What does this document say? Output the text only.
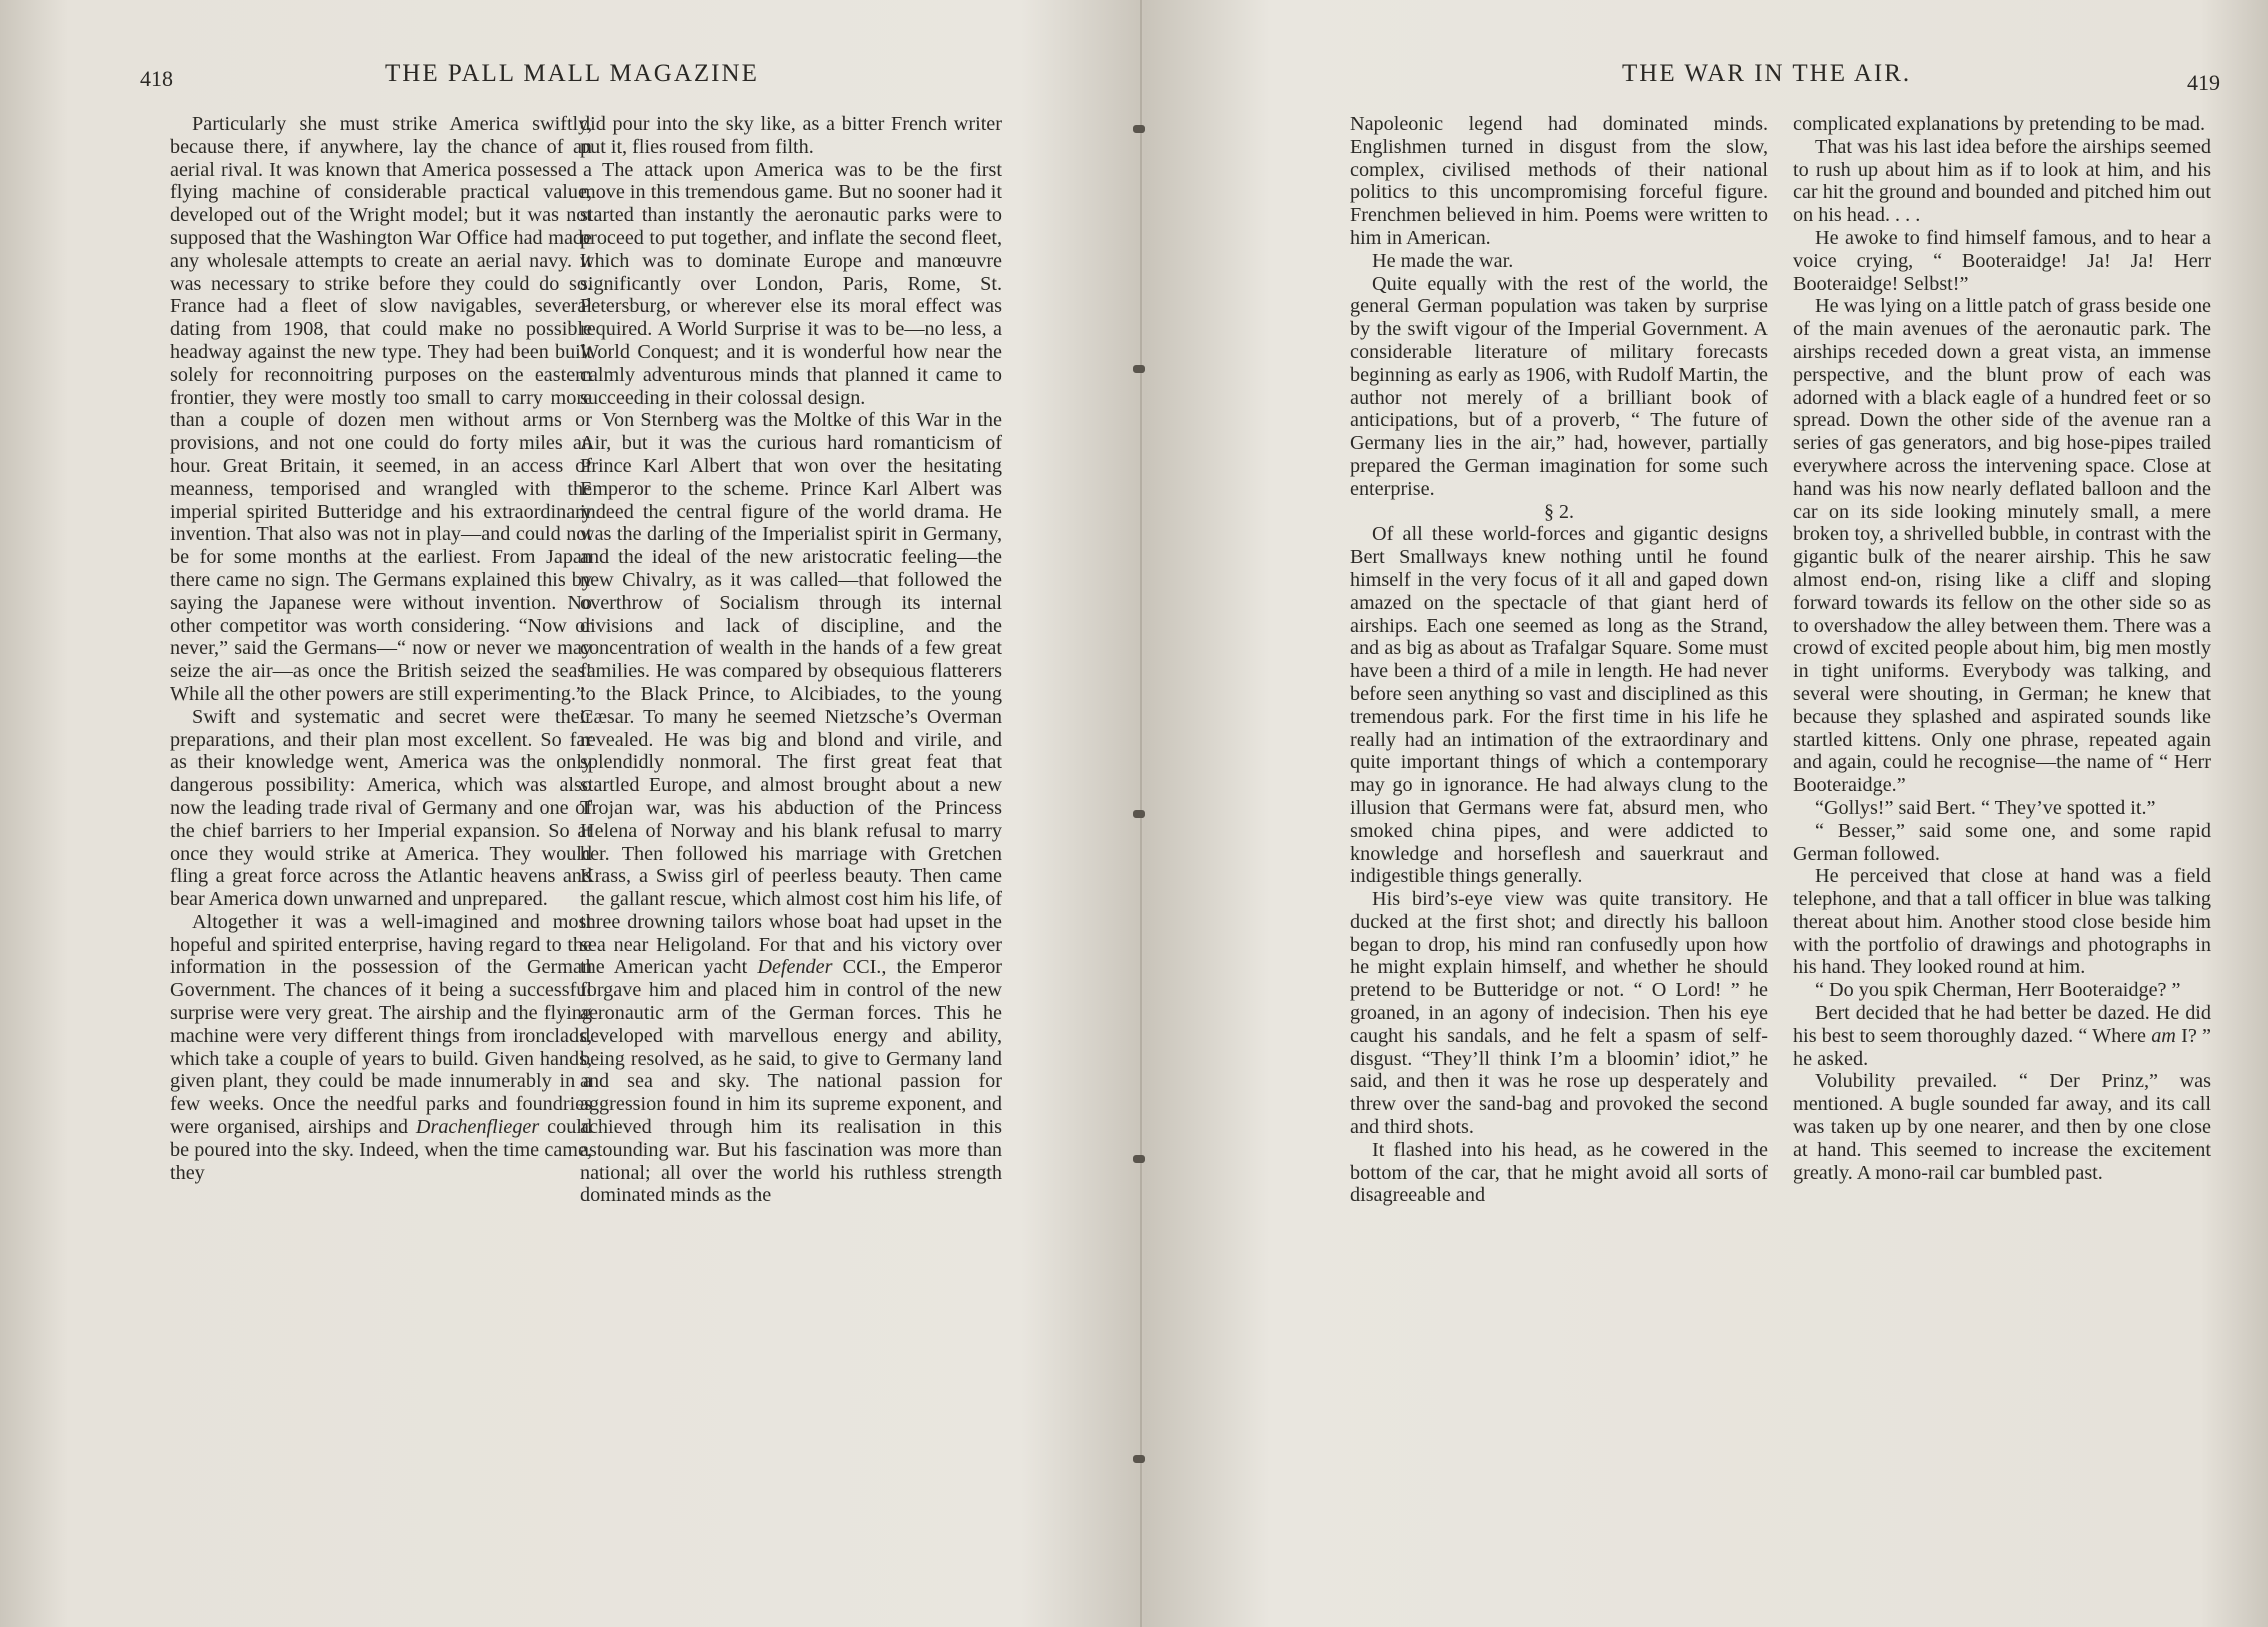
418	THE PALL MALL MAGAZINE

Particularly she must strike America swiftly, because there, if anywhere, lay the chance of an aerial rival. It was known that America possessed a flying machine of considerable practical value, developed out of the Wright model; but it was not supposed that the Washington War Office had made any wholesale attempts to create an aerial navy. It was necessary to strike before they could do so. France had a fleet of slow navigables, several dating from 1908, that could make no possible headway against the new type. They had been built solely for reconnoitring purposes on the eastern frontier, they were mostly too small to carry more than a couple of dozen men without arms or provisions, and not one could do forty miles an hour. Great Britain, it seemed, in an access of meanness, temporised and wrangled with the imperial spirited Butteridge and his extraordinary invention. That also was not in play—and could not be for some months at the earliest. From Japan there came no sign. The Germans explained this by saying the Japanese were without invention. No other competitor was worth considering. “Now or never,” said the Germans—“ now or never we may seize the air—as once the British seized the seas! While all the other powers are still experimenting.”

Swift and systematic and secret were their preparations, and their plan most excellent. So far as their knowledge went, America was the only dangerous possibility: America, which was also now the leading trade rival of Germany and one of the chief barriers to her Imperial expansion. So at once they would strike at America. They would fling a great force across the Atlantic heavens and bear America down unwarned and unprepared.

Altogether it was a well-imagined and most hopeful and spirited enterprise, having regard to the information in the possession of the German Government. The chances of it being a successful surprise were very great. The airship and the flying machine were very different things from ironclads, which take a couple of years to build. Given hands, given plant, they could be made innumerably in a few weeks. Once the needful parks and foundries were organised, airships and Drachenflieger could be poured into the sky. Indeed, when the time came, they

did pour into the sky like, as a bitter French writer put it, flies roused from filth.

The attack upon America was to be the first move in this tremendous game. But no sooner had it started than instantly the aeronautic parks were to proceed to put together, and inflate the second fleet, which was to dominate Europe and manœuvre significantly over London, Paris, Rome, St. Petersburg, or wherever else its moral effect was required. A World Surprise it was to be—no less, a World Conquest; and it is wonderful how near the calmly adventurous minds that planned it came to succeeding in their colossal design.

Von Sternberg was the Moltke of this War in the Air, but it was the curious hard romanticism of Prince Karl Albert that won over the hesitating Emperor to the scheme. Prince Karl Albert was indeed the central figure of the world drama. He was the darling of the Imperialist spirit in Germany, and the ideal of the new aristocratic feeling—the new Chivalry, as it was called—that followed the overthrow of Socialism through its internal divisions and lack of discipline, and the concentration of wealth in the hands of a few great families. He was compared by obsequious flatterers to the Black Prince, to Alcibiades, to the young Cæsar. To many he seemed Nietzsche’s Overman revealed. He was big and blond and virile, and splendidly nonmoral. The first great feat that startled Europe, and almost brought about a new Trojan war, was his abduction of the Princess Helena of Norway and his blank refusal to marry her. Then followed his marriage with Gretchen Krass, a Swiss girl of peerless beauty. Then came the gallant rescue, which almost cost him his life, of three drowning tailors whose boat had upset in the sea near Heligoland. For that and his victory over the American yacht Defender CCI., the Emperor forgave him and placed him in control of the new aeronautic arm of the German forces. This he developed with marvellous energy and ability, being resolved, as he said, to give to Germany land and sea and sky. The national passion for aggression found in him its supreme exponent, and achieved through him its realisation in this astounding war. But his fascination was more than national; all over the world his ruthless strength dominated minds as the

THE WAR IN THE AIR.	419

Napoleonic legend had dominated minds. Englishmen turned in disgust from the slow, complex, civilised methods of their national politics to this uncompromising forceful figure. Frenchmen believed in him. Poems were written to him in American.

He made the war.

Quite equally with the rest of the world, the general German population was taken by surprise by the swift vigour of the Imperial Government. A considerable literature of military forecasts beginning as early as 1906, with Rudolf Martin, the author not merely of a brilliant book of anticipations, but of a proverb, “ The future of Germany lies in the air,” had, however, partially prepared the German imagination for some such enterprise.

§ 2.

Of all these world-forces and gigantic designs Bert Smallways knew nothing until he found himself in the very focus of it all and gaped down amazed on the spectacle of that giant herd of airships. Each one seemed as long as the Strand, and as big as about as Trafalgar Square. Some must have been a third of a mile in length. He had never before seen anything so vast and disciplined as this tremendous park. For the first time in his life he really had an intimation of the extraordinary and quite important things of which a contemporary may go in ignorance. He had always clung to the illusion that Germans were fat, absurd men, who smoked china pipes, and were addicted to knowledge and horseflesh and sauerkraut and indigestible things generally.

His bird’s-eye view was quite transitory. He ducked at the first shot; and directly his balloon began to drop, his mind ran confusedly upon how he might explain himself, and whether he should pretend to be Butteridge or not. “ O Lord! ” he groaned, in an agony of indecision. Then his eye caught his sandals, and he felt a spasm of self-disgust. “They’ll think I’m a bloomin’ idiot,” he said, and then it was he rose up desperately and threw over the sand-bag and provoked the second and third shots.

It flashed into his head, as he cowered in the bottom of the car, that he might avoid all sorts of disagreeable and

complicated explanations by pretending to be mad.

That was his last idea before the airships seemed to rush up about him as if to look at him, and his car hit the ground and bounded and pitched him out on his head. . . .

He awoke to find himself famous, and to hear a voice crying, “ Booteraidge! Ja! Ja! Herr Booteraidge! Selbst!”

He was lying on a little patch of grass beside one of the main avenues of the aeronautic park. The airships receded down a great vista, an immense perspective, and the blunt prow of each was adorned with a black eagle of a hundred feet or so spread. Down the other side of the avenue ran a series of gas generators, and big hose-pipes trailed everywhere across the intervening space. Close at hand was his now nearly deflated balloon and the car on its side looking minutely small, a mere broken toy, a shrivelled bubble, in contrast with the gigantic bulk of the nearer airship. This he saw almost end-on, rising like a cliff and sloping forward towards its fellow on the other side so as to overshadow the alley between them. There was a crowd of excited people about him, big men mostly in tight uniforms. Everybody was talking, and several were shouting, in German; he knew that because they splashed and aspirated sounds like startled kittens. Only one phrase, repeated again and again, could he recognise—the name of “ Herr Booteraidge.”

“Gollys!” said Bert. “ They’ve spotted it.”

“ Besser,” said some one, and some rapid German followed.

He perceived that close at hand was a field telephone, and that a tall officer in blue was talking thereat about him. Another stood close beside him with the portfolio of drawings and photographs in his hand. They looked round at him.

“ Do you spik Cherman, Herr Booteraidge? ”

Bert decided that he had better be dazed. He did his best to seem thoroughly dazed. “ Where am I? ” he asked.

Volubility prevailed. “ Der Prinz,” was mentioned. A bugle sounded far away, and its call was taken up by one nearer, and then by one close at hand. This seemed to increase the excitement greatly. A mono-rail car bumbled past.
